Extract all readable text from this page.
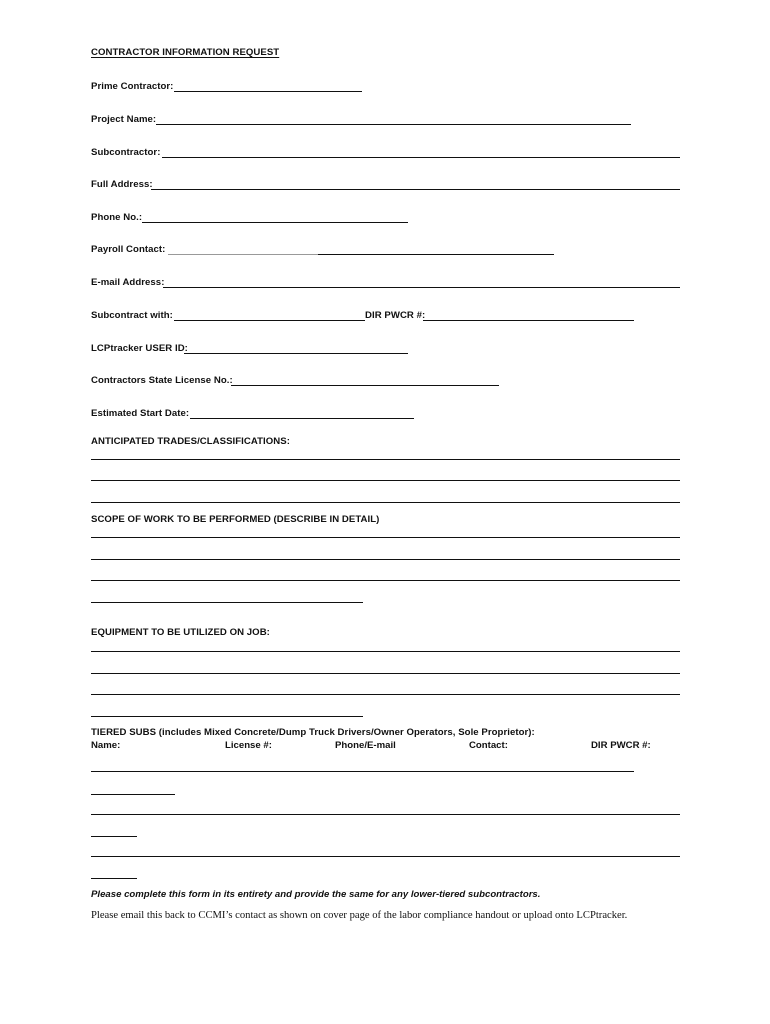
CONTRACTOR INFORMATION REQUEST
Prime Contractor:
Project Name:
Subcontractor:
Full Address:
Phone No.:
Payroll Contact:
E-mail Address:
Subcontract with:	DIR PWCR #:
LCPtracker USER ID:
Contractors State License No.:
Estimated Start Date:
ANTICIPATED TRADES/CLASSIFICATIONS:
SCOPE OF WORK TO BE PERFORMED (DESCRIBE IN DETAIL)
EQUIPMENT TO BE UTILIZED ON JOB:
TIERED SUBS (includes Mixed Concrete/Dump Truck Drivers/Owner Operators, Sole Proprietor):
Name:	License #:	Phone/E-mail	Contact:	DIR PWCR #:
Please complete this form in its entirety and provide the same for any lower-tiered subcontractors.
Please email this back to CCMI’s contact as shown on cover page of the labor compliance handout or upload onto LCPtracker.
